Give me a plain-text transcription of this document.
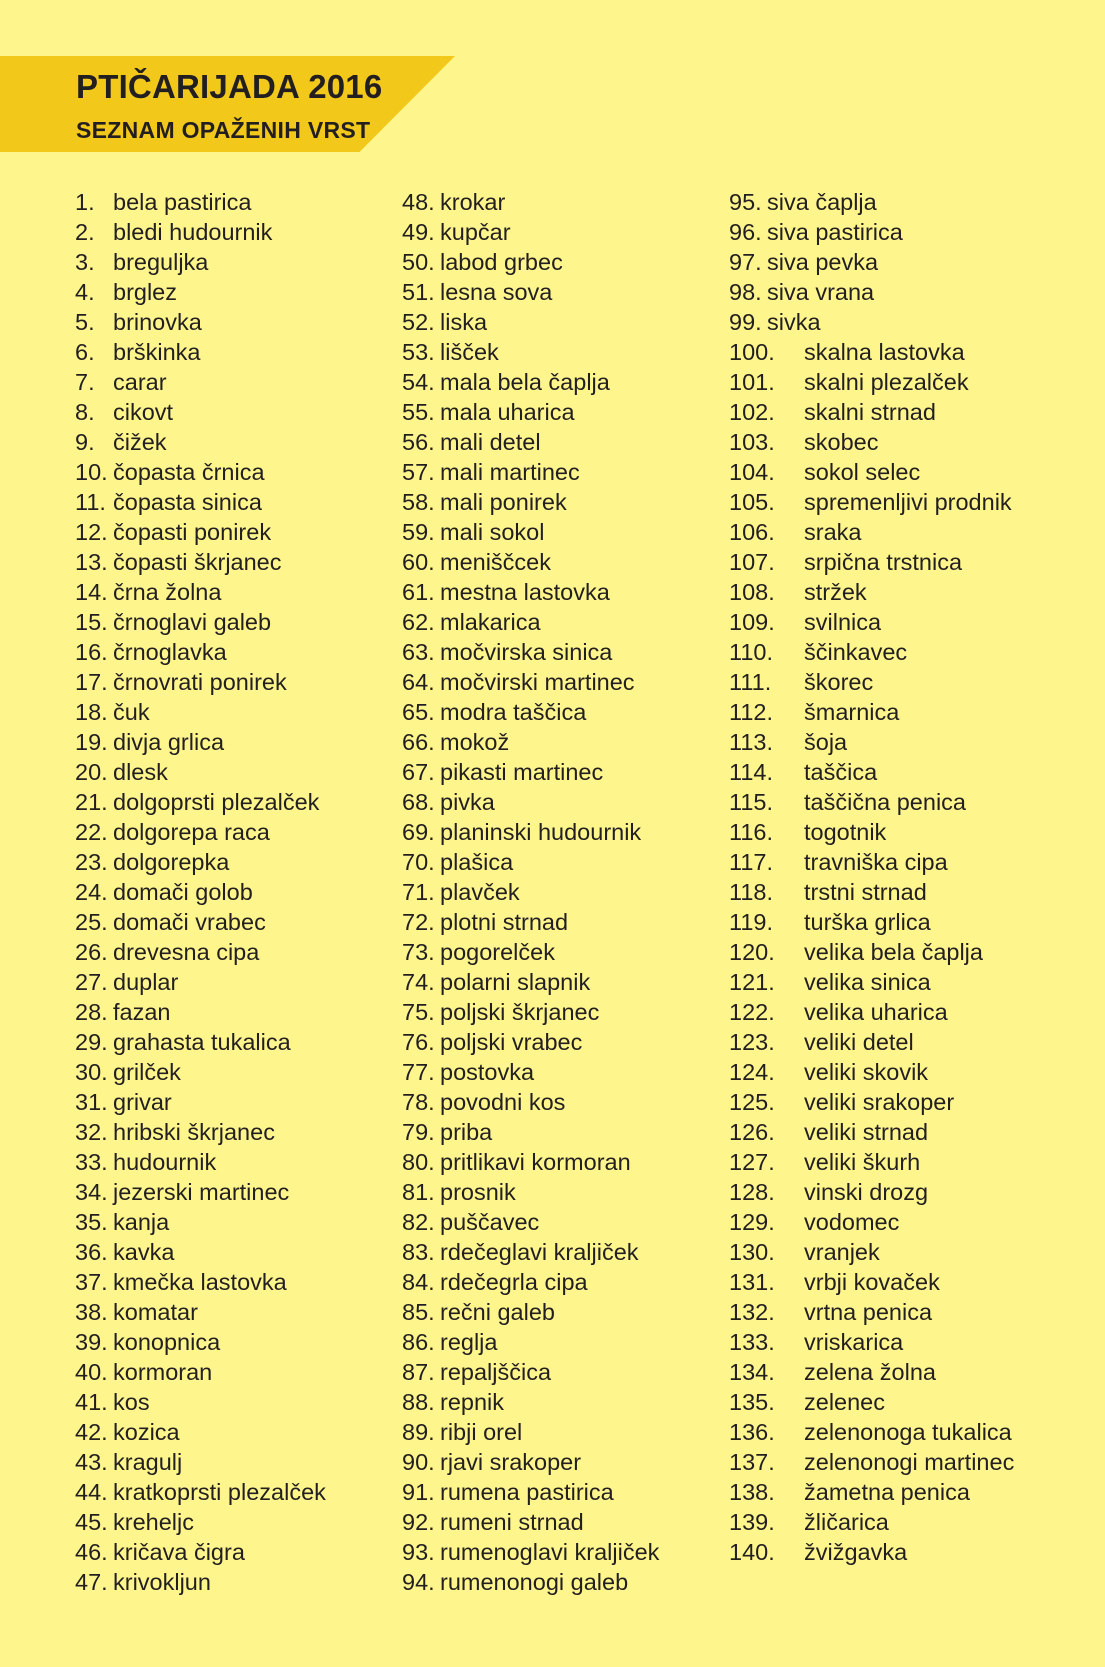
PTIČARIJADA 2016
SEZNAM OPAŽENIH VRST
1. bela pastirica
2. bledi hudournik
3. breguljka
4. brglez
5. brinovka
6. brškinka
7. carar
8. cikovt
9. čižek
10. čopasta črnica
11. čopasta sinica
12. čopasti ponirek
13. čopasti škrjanec
14. črna žolna
15. črnoglavi galeb
16. črnoglavka
17. črnovrati ponirek
18. čuk
19. divja grlica
20. dlesk
21. dolgoprsti plezalček
22. dolgorepa raca
23. dolgorepka
24. domači golob
25. domači vrabec
26. drevesna cipa
27. duplar
28. fazan
29. grahasta tukalica
30. grilček
31. grivar
32. hribski škrjanec
33. hudournik
34. jezerski martinec
35. kanja
36. kavka
37. kmečka lastovka
38. komatar
39. konopnica
40. kormoran
41. kos
42. kozica
43. kragulj
44. kratkoprsti plezalček
45. kreheljc
46. kričava čigra
47. krivokljun
48. krokar
49. kupčar
50. labod grbec
51. lesna sova
52. liska
53. lišček
54. mala bela čaplja
55. mala uharica
56. mali detel
57. mali martinec
58. mali ponirek
59. mali sokol
60. meniščcek
61. mestna lastovka
62. mlakarica
63. močvirska sinica
64. močvirski martinec
65. modra taščica
66. mokož
67. pikasti martinec
68. pivka
69. planinski hudournik
70. plašica
71. plavček
72. plotni strnad
73. pogorelček
74. polarni slapnik
75. poljski škrjanec
76. poljski vrabec
77. postovka
78. povodni kos
79. priba
80. pritlikavi kormoran
81. prosnik
82. puščavec
83. rdečeglavi kraljiček
84. rdečegrla cipa
85. rečni galeb
86. reglja
87. repaljščica
88. repnik
89. ribji orel
90. rjavi srakoper
91. rumena pastirica
92. rumeni strnad
93. rumenoglavi kraljiček
94. rumenonogi galeb
95. siva čaplja
96. siva pastirica
97. siva pevka
98. siva vrana
99. sivka
100. skalna lastovka
101. skalni plezalček
102. skalni strnad
103. skobec
104. sokol selec
105. spremenljivi prodnik
106. sraka
107. srpična trstnica
108. stržek
109. svilnica
110. ščinkavec
111. škorec
112. šmarnica
113. šoja
114. taščica
115. taščična penica
116. togotnik
117. travniška cipa
118. trstni strnad
119. turška grlica
120. velika bela čaplja
121. velika sinica
122. velika uharica
123. veliki detel
124. veliki skovik
125. veliki srakoper
126. veliki strnad
127. veliki škurh
128. vinski drozg
129. vodomec
130. vranjek
131. vrbji kovaček
132. vrtna penica
133. vriskarica
134. zelena žolna
135. zelenec
136. zelenonoga tukalica
137. zelenonogi martinec
138. žametna penica
139. žličarica
140. žvižgavka
